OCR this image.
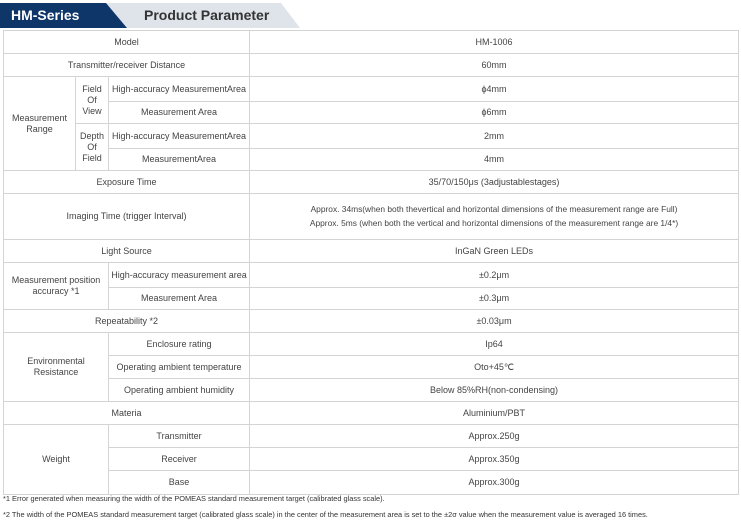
HM-Series	Product Parameter
Model			HM-1006
Transmitter/receiver Distance			60mm
Measurement Range	Field Of View	High-accuracy MeasurementArea	ϕ4mm
		Measurement Area	ϕ6mm
	Depth Of Field	High-accuracy MeasurementArea	2mm
		MeasurementArea	4mm
Exposure Time			35/70/150μs (3adjustablestages)
Imaging Time (trigger Interval)			Approx. 34ms(when both thevertical and horizontal dimensions of the measurement range are Full)
Approx. 5ms (when both the vertical and horizontal dimensions of the measurement range are 1/4*)

Light Source			InGaN Green LEDs
Measurement position accuracy *1		High-accuracy measurement area	±0.2μm
		Measurement Area	±0.3μm
Repeatability *2			±0.03μm
Environmental Resistance		Enclosure rating	Ip64
		Operating ambient temperature	Oto+45℃
		Operating ambient humidity	Below 85%RH(non-condensing)
Materia			Aluminium/PBT
Weight		Transmitter	Approx.250g
		Receiver	Approx.350g
		Base	Approx.300g
*1 Error generated when measuring the width of the POMEAS standard measurement target (calibrated glass scale).
*2 The width of the POMEAS standard measurement target (calibrated glass scale) in the center of the measurement area is set to the ±2σ value when the measurement value is averaged 16 times.
